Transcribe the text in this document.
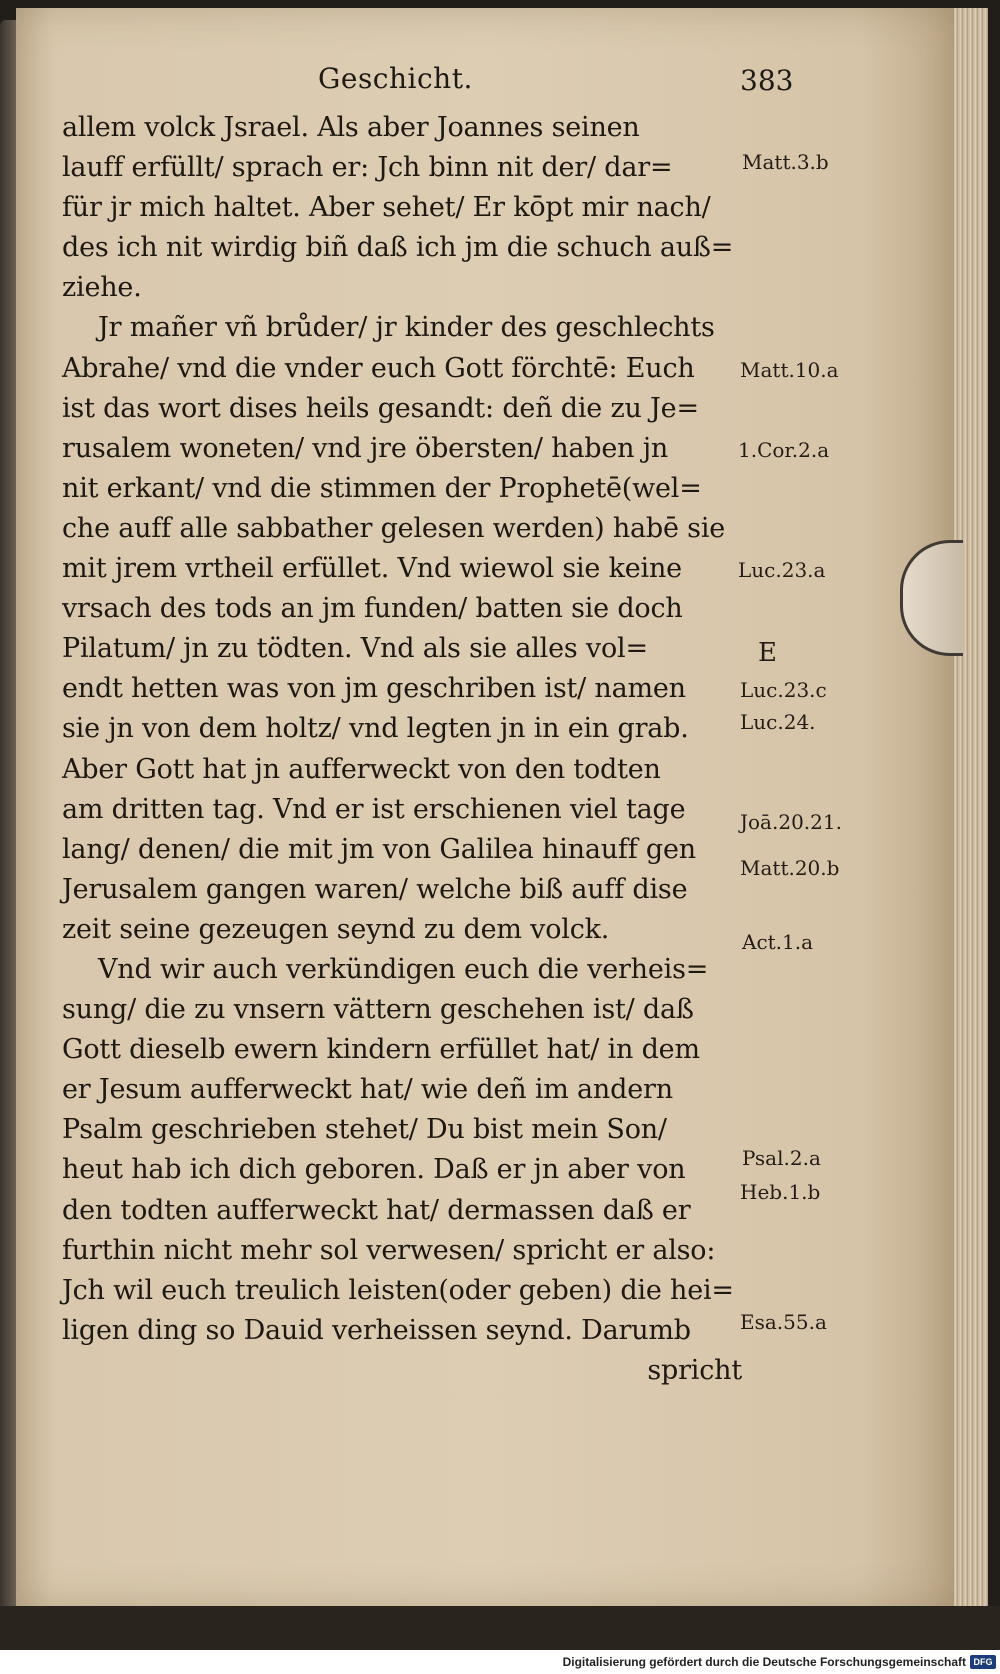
Geschicht.	383
allem volck Jsrael. Als aber Joannes seinen
lauff erfüllt/ sprach er: Jch binn nit der/ dar=
für jr mich haltet. Aber sehet/ Er kōpt mir nach/
des ich nit wirdig biñ daß ich jm die schuch auß=
ziehe.
Jr mañer vñ brůder/ jr kinder des geschlechts
Abrahe/ vnd die vnder euch Gott förchtē: Euch
ist das wort dises heils gesandt: deñ die zu Je=
rusalem woneten/ vnd jre öbersten/ haben jn
nit erkant/ vnd die stimmen der Prophetē(wel=
che auff alle sabbather gelesen werden) habē sie
mit jrem vrtheil erfüllet. Vnd wiewol sie keine
vrsach des tods an jm funden/ batten sie doch
Pilatum/ jn zu tödten. Vnd als sie alles vol=
endt hetten was von jm geschriben ist/ namen
sie jn von dem holtz/ vnd legten jn in ein grab.
Aber Gott hat jn aufferweckt von den todten
am dritten tag. Vnd er ist erschienen viel tage
lang/ denen/ die mit jm von Galilea hinauff gen
Jerusalem gangen waren/ welche biß auff dise
zeit seine gezeugen seynd zu dem volck.
Vnd wir auch verkündigen euch die verheis=
sung/ die zu vnsern vättern geschehen ist/ daß
Gott dieselb ewern kindern erfüllet hat/ in dem
er Jesum aufferweckt hat/ wie deñ im andern
Psalm geschrieben stehet/ Du bist mein Son/
heut hab ich dich geboren. Daß er jn aber von
den todten aufferweckt hat/ dermassen daß er
furthin nicht mehr sol verwesen/ spricht er also:
Jch wil euch treulich leisten(oder geben) die hei=
ligen ding so Dauid verheissen seynd. Darumb
spricht
Matt.3.b
Matt.10.a
1.Cor.2.a
Luc.23.a
E
Luc.23.c
Luc.24.
Joā.20.21.
Matt.20.b
Act.1.a
Psal.2.a
Heb.1.b
Esa.55.a
Digitalisierung gefördert durch die Deutsche Forschungsgemeinschaft DFG
